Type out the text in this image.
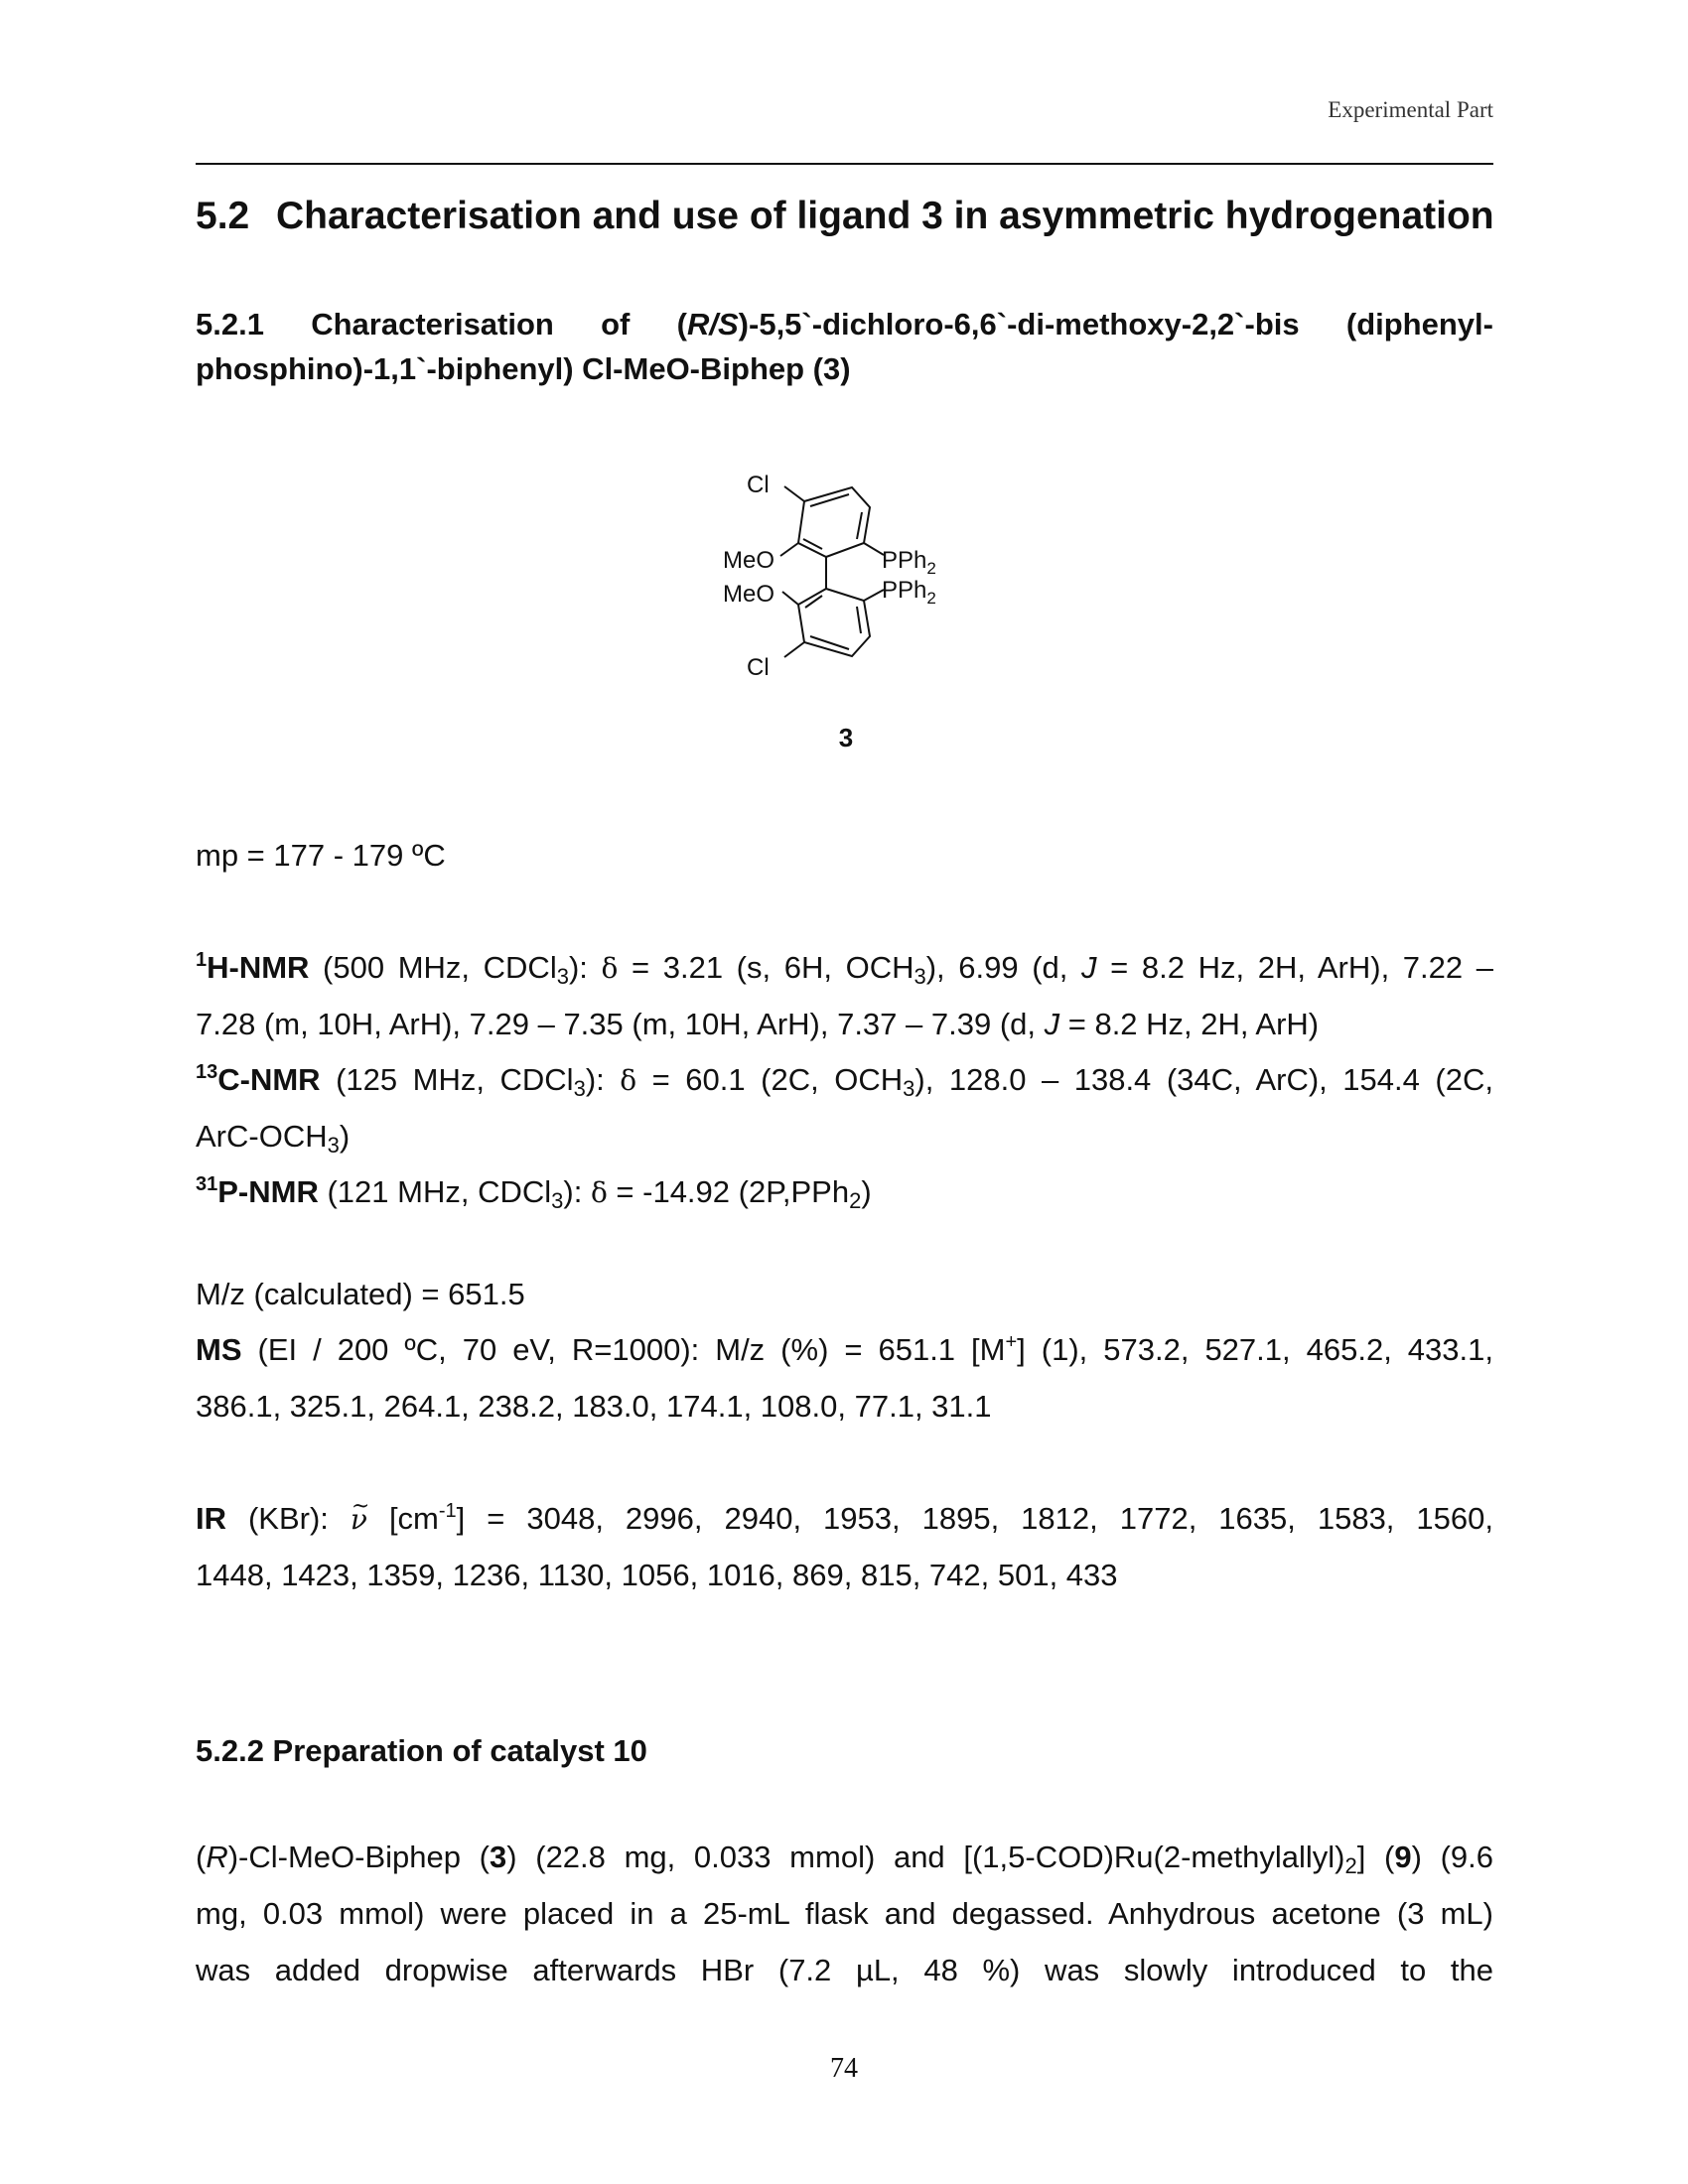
Experimental Part
5.2 Characterisation and use of ligand 3 in asymmetric hydrogenation
5.2.1 Characterisation of (R/S)-5,5`-dichloro-6,6`-di-methoxy-2,2`-bis (diphenyl-
phosphino)-1,1`-biphenyl) Cl-MeO-Biphep (3)
Cl
MeO	PPh$_2$
MeO	PPh$_2$
Cl
3
mp = 177 - 179 ºC
$^1$H-NMR (500 MHz, CDCl$_3$): δ = 3.21 (s, 6H, $OCH_3$), 6.99 (d, J = 8.2 Hz, 2H, ArH), 7.22 –
7.28 (m, 10H, ArH), 7.29 – 7.35 (m, 10H, ArH), 7.37 – 7.39 (d, J = 8.2 Hz, 2H, ArH)
$^{13}$C-NMR (125 MHz, CDCl$_3$): δ = 60.1 (2C, $OCH_3$), 128.0 – 138.4 (34C, ArC), 154.4 (2C,
ArC-$OCH_3$)
$^{31}$P-NMR (121 MHz, CDCl$_3$): δ = -14.92 (2P,PPh$_2$)
M/z (calculated) = 651.5
MS (EI / 200 ºC, 70 eV, R=1000): M/z (%) = 651.1 [M+] (1), 573.2, 527.1, 465.2, 433.1,
386.1, 325.1, 264.1, 238.2, 183.0, 174.1, 108.0, 77.1, 31.1
IR (KBr): ~ ν $[cm^{-1}] = 3048$, 2996, 2940, 1953, 1895, 1812, 1772, 1635, 1583, 1560,
1448, 1423, 1359, 1236, 1130, 1056, 1016, 869, 815, 742, 501, 433
5.2.2 Preparation of catalyst 10
(R)-Cl-MeO-Biphep (3) (22.8 mg, 0.033 mmol) and $[(1,5-COD)Ru(2-methylallyl)_2]$ (9) (9.6
mg, 0.03 mmol) were placed in a 25-mL flask and degassed. Anhydrous acetone (3 mL)
was added dropwise afterwards HBr (7.2 µL, 48 %) was slowly introduced to the
74
